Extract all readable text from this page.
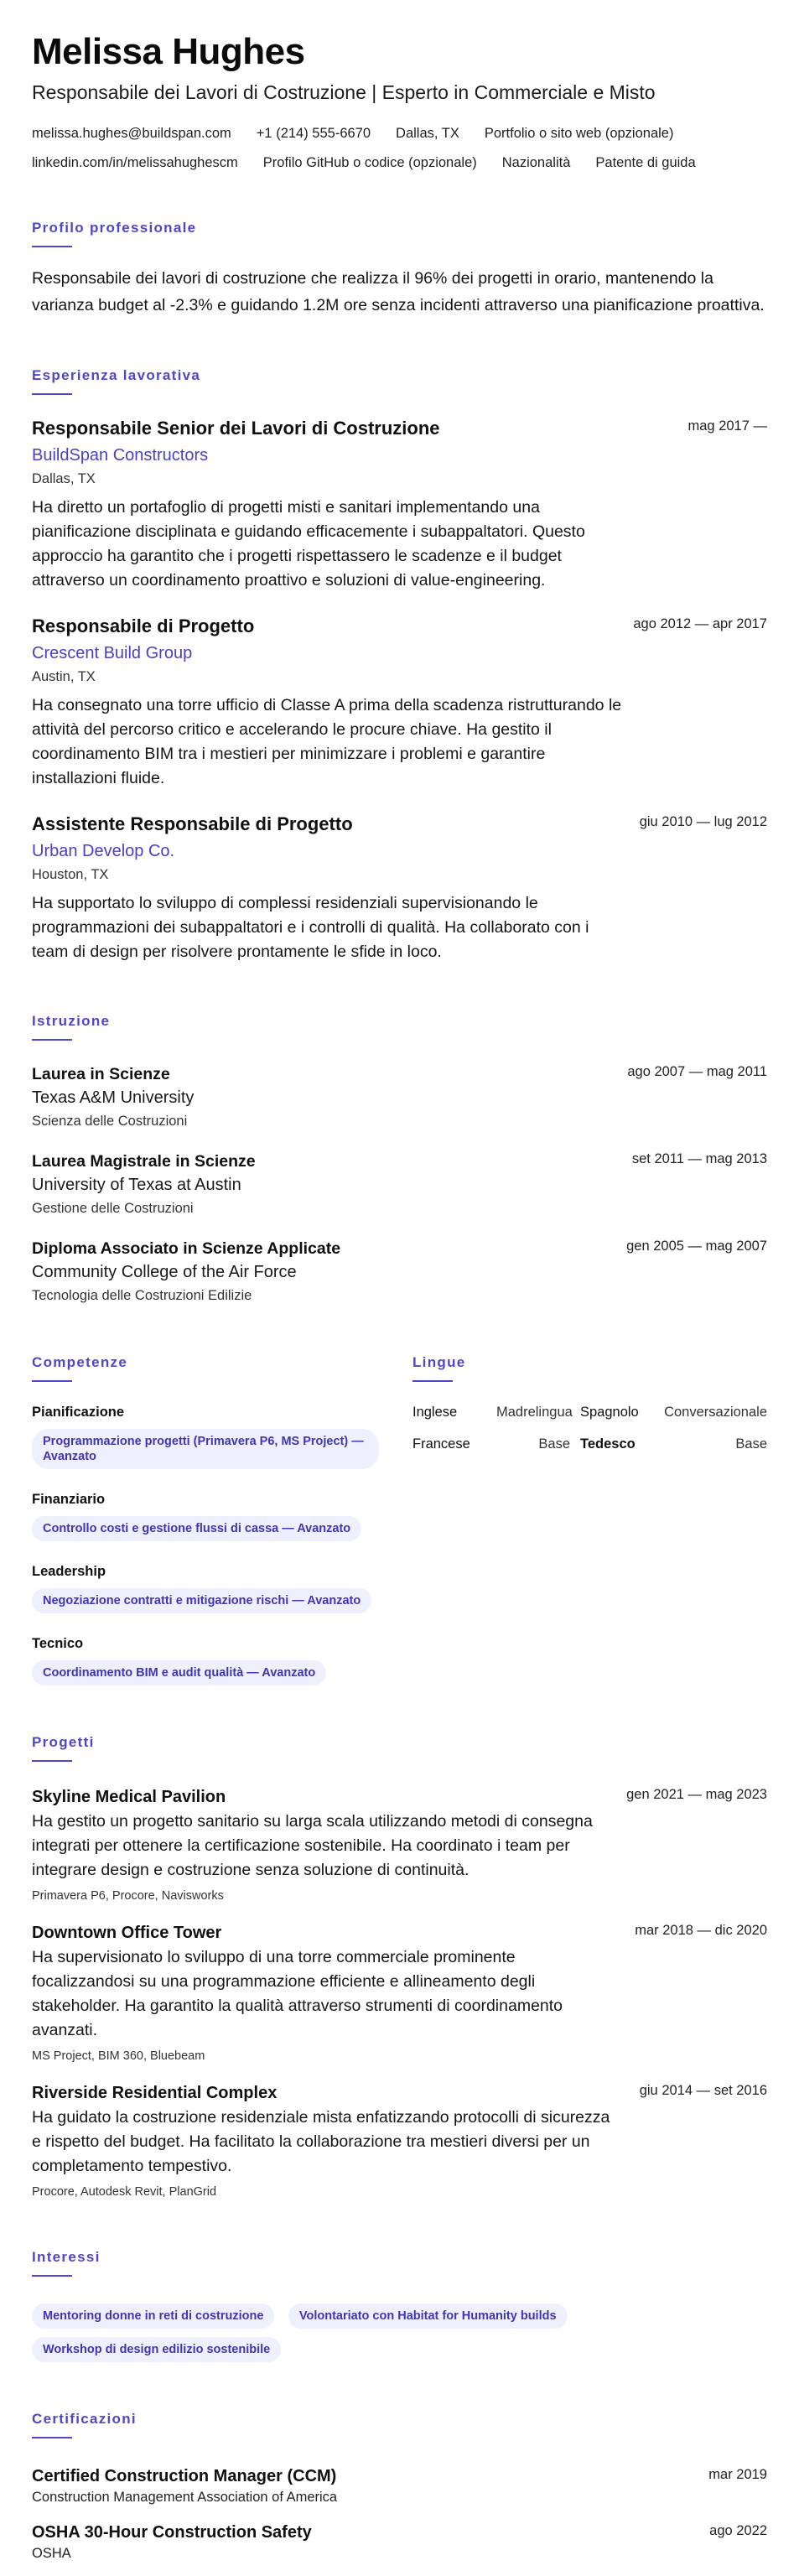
Melissa Hughes
Responsabile dei Lavori di Costruzione | Esperto in Commerciale e Misto
melissa.hughes@buildspan.com +1 (214) 555-6670 Dallas, TX Portfolio o sito web (opzionale)
linkedin.com/in/melissahughescm Profilo GitHub o codice (opzionale) Nazionalità Patente di guida
Profilo professionale

Responsabile dei lavori di costruzione che realizza il 96% dei progetti in orario, mantenendo la varianza budget al -2.3% e guidando 1.2M ore senza incidenti attraverso una pianificazione proattiva.

Esperienza lavorativa
Responsabile Senior dei Lavori di Costruzione	mag 2017 —
BuildSpan Constructors
Dallas, TX

Ha diretto un portafoglio di progetti misti e sanitari implementando una pianificazione disciplinata e guidando efficacemente i subappaltatori. Questo approccio ha garantito che i progetti rispettassero le scadenze e il budget attraverso un coordinamento proattivo e soluzioni di value-engineering.

Responsabile di Progetto	ago 2012 — apr 2017
Crescent Build Group
Austin, TX

Ha consegnato una torre ufficio di Classe A prima della scadenza ristrutturando le attività del percorso critico e accelerando le procure chiave. Ha gestito il coordinamento BIM tra i mestieri per minimizzare i problemi e garantire installazioni fluide.

Assistente Responsabile di Progetto	giu 2010 — lug 2012
Urban Develop Co.
Houston, TX

Ha supportato lo sviluppo di complessi residenziali supervisionando le programmazioni dei subappaltatori e i controlli di qualità. Ha collaborato con i team di design per risolvere prontamente le sfide in loco.

Istruzione
Laurea in Scienze	ago 2007 — mag 2011
Texas A&M University
Scienza delle Costruzioni
Laurea Magistrale in Scienze	set 2011 — mag 2013
University of Texas at Austin
Gestione delle Costruzioni
Diploma Associato in Scienze Applicate	gen 2005 — mag 2007
Community College of the Air Force
Tecnologia delle Costruzioni Edilizie
Competenze
Pianificazione
Programmazione progetti (Primavera P6, MS Project) — Avanzato
Finanziario
Controllo costi e gestione flussi di cassa — Avanzato
Leadership
Negoziazione contratti e mitigazione rischi — Avanzato
Tecnico
Coordinamento BIM e audit qualità — Avanzato
Lingue
Inglese	Madrelingua Spagnolo	Conversazionale
Francese	Base Tedesco	Base
Progetti
Skyline Medical Pavilion	gen 2021 — mag 2023

Ha gestito un progetto sanitario su larga scala utilizzando metodi di consegna integrati per ottenere la certificazione sostenibile. Ha coordinato i team per integrare design e costruzione senza soluzione di continuità.

Primavera P6, Procore, Navisworks
Downtown Office Tower	mar 2018 — dic 2020

Ha supervisionato lo sviluppo di una torre commerciale prominente focalizzandosi su una programmazione efficiente e allineamento degli stakeholder. Ha garantito la qualità attraverso strumenti di coordinamento avanzati.

MS Project, BIM 360, Bluebeam
Riverside Residential Complex	giu 2014 — set 2016

Ha guidato la costruzione residenziale mista enfatizzando protocolli di sicurezza e rispetto del budget. Ha facilitato la collaborazione tra mestieri diversi per un completamento tempestivo.

Procore, Autodesk Revit, PlanGrid
Interessi
Mentoring donne in reti di costruzione	Volontariato con Habitat for Humanity builds Workshop di design edilizio sostenibile
Certificazioni
Certified Construction Manager (CCM)	mar 2019
Construction Management Association of America
OSHA 30-Hour Construction Safety	ago 2022
OSHA
